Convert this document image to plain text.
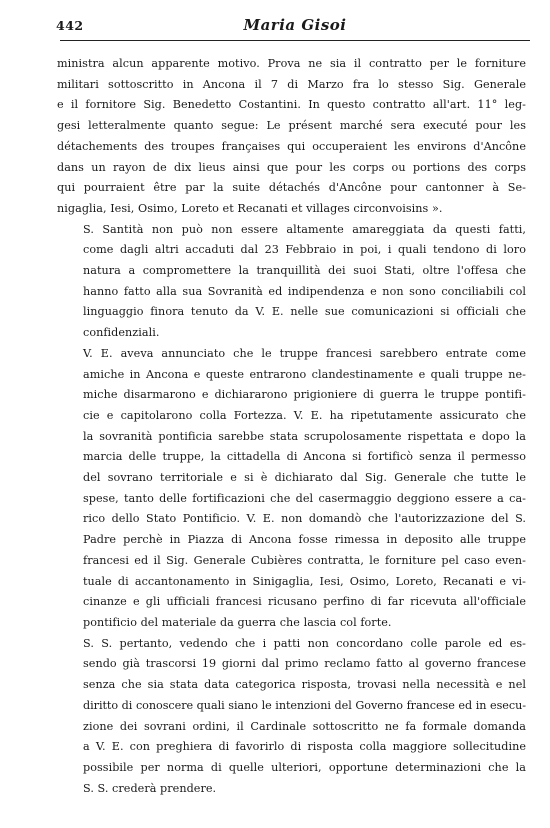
442	Maria Gisoi
ministra alcun apparente motivo. Prova ne sia il contratto per le forniture
militari sottoscritto in Ancona il 7 di Marzo fra lo stesso Sig. Generale
e il fornitore Sig. Benedetto Costantini. In questo contratto all'art. 11° leg-
gesi letteralmente quanto segue: Le présent marché sera executé pour les
détachements des troupes françaises qui occuperaient les environs d'Ancône
dans un rayon de dix lieus ainsi que pour les corps ou portions des corps
qui pourraient être par la suite détachés d'Ancône pour cantonner à Se-
nigaglia, Iesi, Osimo, Loreto et Recanati et villages circonvoisins ».
S. Santità non può non essere altamente amareggiata da questi fatti,
come dagli altri accaduti dal 23 Febbraio in poi, i quali tendono di loro
natura a compromettere la tranquillità dei suoi Stati, oltre l'offesa che
hanno fatto alla sua Sovranità ed indipendenza e non sono conciliabili col
linguaggio finora tenuto da V. E. nelle sue comunicazioni si officiali che
confidenziali.
V. E. aveva annunciato che le truppe francesi sarebbero entrate come
amiche in Ancona e queste entrarono clandestinamente e quali truppe ne-
miche disarmarono e dichiararono prigioniere di guerra le truppe pontifi-
cie e capitolarono colla Fortezza. V. E. ha ripetutamente assicurato che
la sovranità pontificia sarebbe stata scrupolosamente rispettata e dopo la
marcia delle truppe, la cittadella di Ancona si fortificò senza il permesso
del sovrano territoriale e si è dichiarato dal Sig. Generale che tutte le
spese, tanto delle fortificazioni che del casermaggio deggiono essere a ca-
rico dello Stato Pontificio. V. E. non domandò che l'autorizzazione del S.
Padre perchè in Piazza di Ancona fosse rimessa in deposito alle truppe
francesi ed il Sig. Generale Cubières contratta, le forniture pel caso even-
tuale di accantonamento in Sinigaglia, Iesi, Osimo, Loreto, Recanati e vi-
cinanze e gli ufficiali francesi ricusano perfino di far ricevuta all'officiale
pontificio del materiale da guerra che lascia col forte.
S. S. pertanto, vedendo che i patti non concordano colle parole ed es-
sendo già trascorsi 19 giorni dal primo reclamo fatto al governo francese
senza che sia stata data categorica risposta, trovasi nella necessità e nel
diritto di conoscere quali siano le intenzioni del Governo francese ed in esecu-
zione dei sovrani ordini, il Cardinale sottoscritto ne fa formale domanda
a V. E. con preghiera di favorirlo di risposta colla maggiore sollecitudine
possibile per norma di quelle ulteriori, opportune determinazioni che la
S. S. crederà prendere.
